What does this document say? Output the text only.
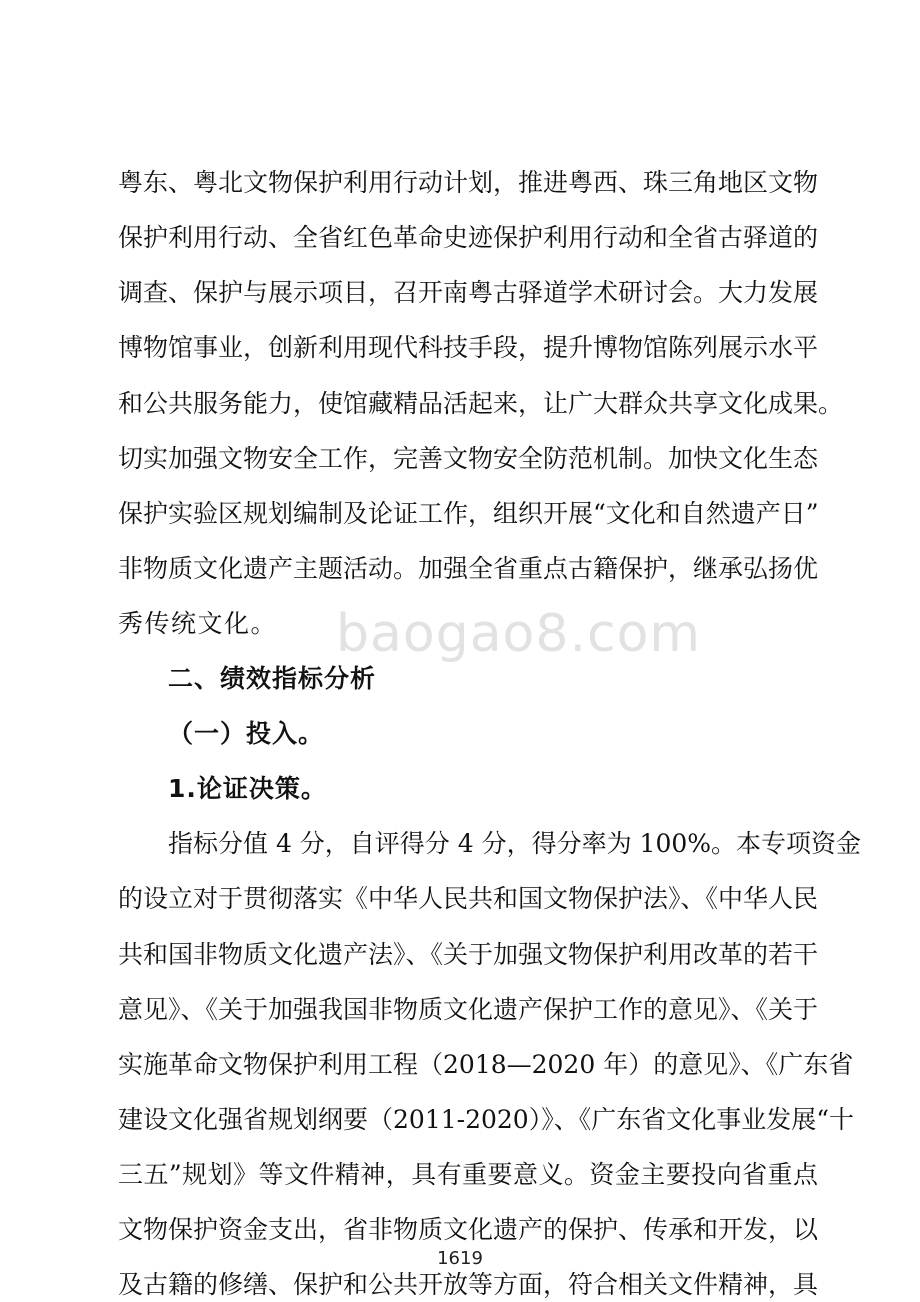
baogao8.com
粤东、粤北文物保护利用行动计划，推进粤西、珠三角地区文物
保护利用行动、全省红色革命史迹保护利用行动和全省古驿道的
调查、保护与展示项目，召开南粤古驿道学术研讨会。大力发展
博物馆事业，创新利用现代科技手段，提升博物馆陈列展示水平
和公共服务能力，使馆藏精品活起来，让广大群众共享文化成果。
切实加强文物安全工作，完善文物安全防范机制。加快文化生态
保护实验区规划编制及论证工作，组织开展“文化和自然遗产日”
非物质文化遗产主题活动。加强全省重点古籍保护，继承弘扬优
秀传统文化。
二、绩效指标分析
（一）投入。
1.论证决策。
指标分值 4 分，自评得分 4 分，得分率为 100%。本专项资金
的设立对于贯彻落实《中华人民共和国文物保护法》、《中华人民
共和国非物质文化遗产法》、《关于加强文物保护利用改革的若干
意见》、《关于加强我国非物质文化遗产保护工作的意见》、《关于
实施革命文物保护利用工程（2018—2020 年）的意见》、《广东省
建设文化强省规划纲要（2011-2020）》、《广东省文化事业发展“十
三五”规划》等文件精神，具有重要意义。资金主要投向省重点
文物保护资金支出，省非物质文化遗产的保护、传承和开发，以
及古籍的修缮、保护和公共开放等方面，符合相关文件精神，具
1619
